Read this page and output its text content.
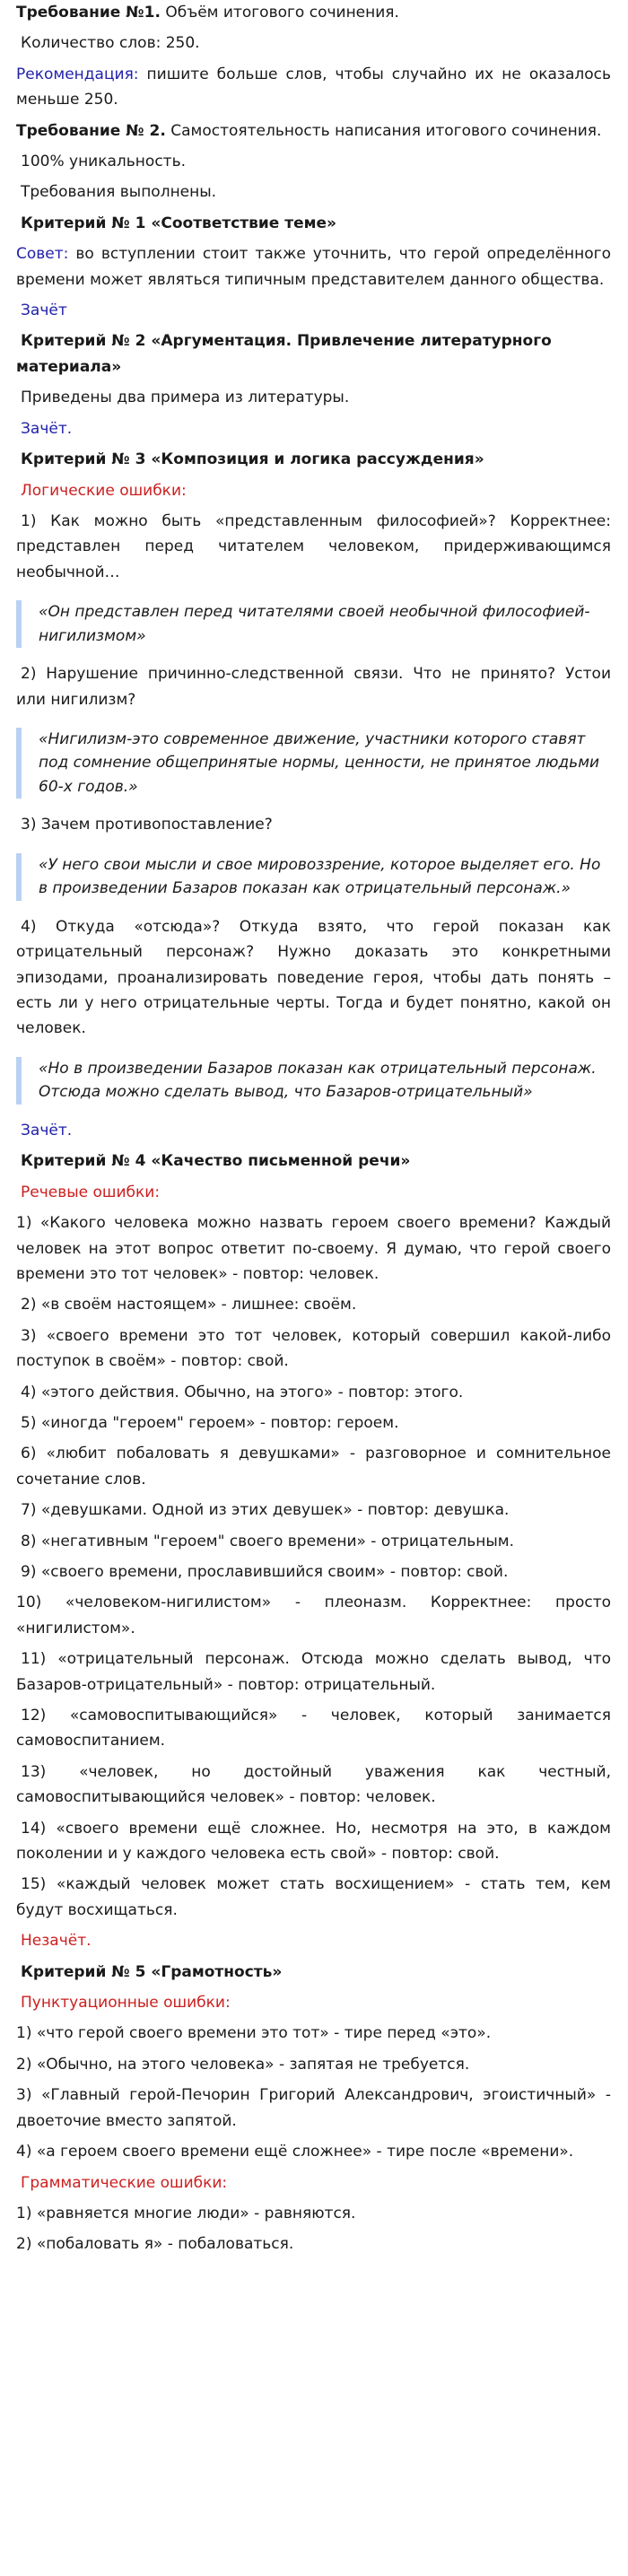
Требование №1. Объём итогового сочинения.

Количество слов: 250.

Рекомендация: пишите больше слов, чтобы случайно их не оказалось меньше 250.

Требование № 2. Самостоятельность написания итогового сочинения.

100% уникальность.

Требования выполнены.

Критерий № 1 «Соответствие теме»

Совет: во вступлении стоит также уточнить, что герой определённого времени может являться типичным представителем данного общества.

Зачёт

Критерий № 2 «Аргументация. Привлечение литературного материала»

Приведены два примера из литературы.

Зачёт.

Критерий № 3 «Композиция и логика рассуждения»

Логические ошибки:

1) Как можно быть «представленным философией»? Корректнее: представлен перед читателем человеком, придерживающимся необычной…

«Он представлен перед читателями своей необычной философией-нигилизмом»

2) Нарушение причинно-следственной связи. Что не принято? Устои или нигилизм?

«Нигилизм-это современное движение, участники которого ставят под сомнение общепринятые нормы, ценности, не принятое людьми 60-х годов.»

3) Зачем противопоставление?

«У него свои мысли и свое мировоззрение, которое выделяет его. Но в произведении Базаров показан как отрицательный персонаж.»

4) Откуда «отсюда»? Откуда взято, что герой показан как отрицательный персонаж? Нужно доказать это конкретными эпизодами, проанализировать поведение героя, чтобы дать понять – есть ли у него отрицательные черты. Тогда и будет понятно, какой он человек.

«Но в произведении Базаров показан как отрицательный персонаж. Отсюда можно сделать вывод, что Базаров-отрицательный»

Зачёт.

Критерий № 4 «Качество письменной речи»

Речевые ошибки:

1) «Какого человека можно назвать героем своего времени? Каждый человек на этот вопрос ответит по-своему. Я думаю, что герой своего времени это тот человек» - повтор: человек.

2) «в своём настоящем» - лишнее: своём.

3) «своего времени это тот человек, который совершил какой-либо поступок в своём» - повтор: свой.

4) «этого действия. Обычно, на этого» - повтор: этого.

5) «иногда "героем" героем» - повтор: героем.

6) «любит побаловать я девушками» - разговорное и сомнительное сочетание слов.

7) «девушками. Одной из этих девушек» - повтор: девушка.

8) «негативным "героем" своего времени» - отрицательным.

9) «своего времени, прославившийся своим» - повтор: свой.

10) «человеком-нигилистом» - плеоназм. Корректнее: просто «нигилистом».

11) «отрицательный персонаж. Отсюда можно сделать вывод, что Базаров-отрицательный» - повтор: отрицательный.

12) «самовоспитывающийся» - человек, который занимается самовоспитанием.

13) «человек, но достойный уважения как честный, самовоспитывающийся человек» - повтор: человек.

14) «своего времени ещё сложнее. Но, несмотря на это, в каждом поколении и у каждого человека есть свой» - повтор: свой.

15) «каждый человек может стать восхищением» - стать тем, кем будут восхищаться.

Незачёт.

Критерий № 5 «Грамотность»

Пунктуационные ошибки:

1) «что герой своего времени это тот» - тире перед «это».

2) «Обычно, на этого человека» - запятая не требуется.

3) «Главный герой-Печорин Григорий Александрович, эгоистичный» - двоеточие вместо запятой.

4) «а героем своего времени ещё сложнее» - тире после «времени».

Грамматические ошибки:

1) «равняется многие люди» - равняются.

2) «побаловать я» - побаловаться.
